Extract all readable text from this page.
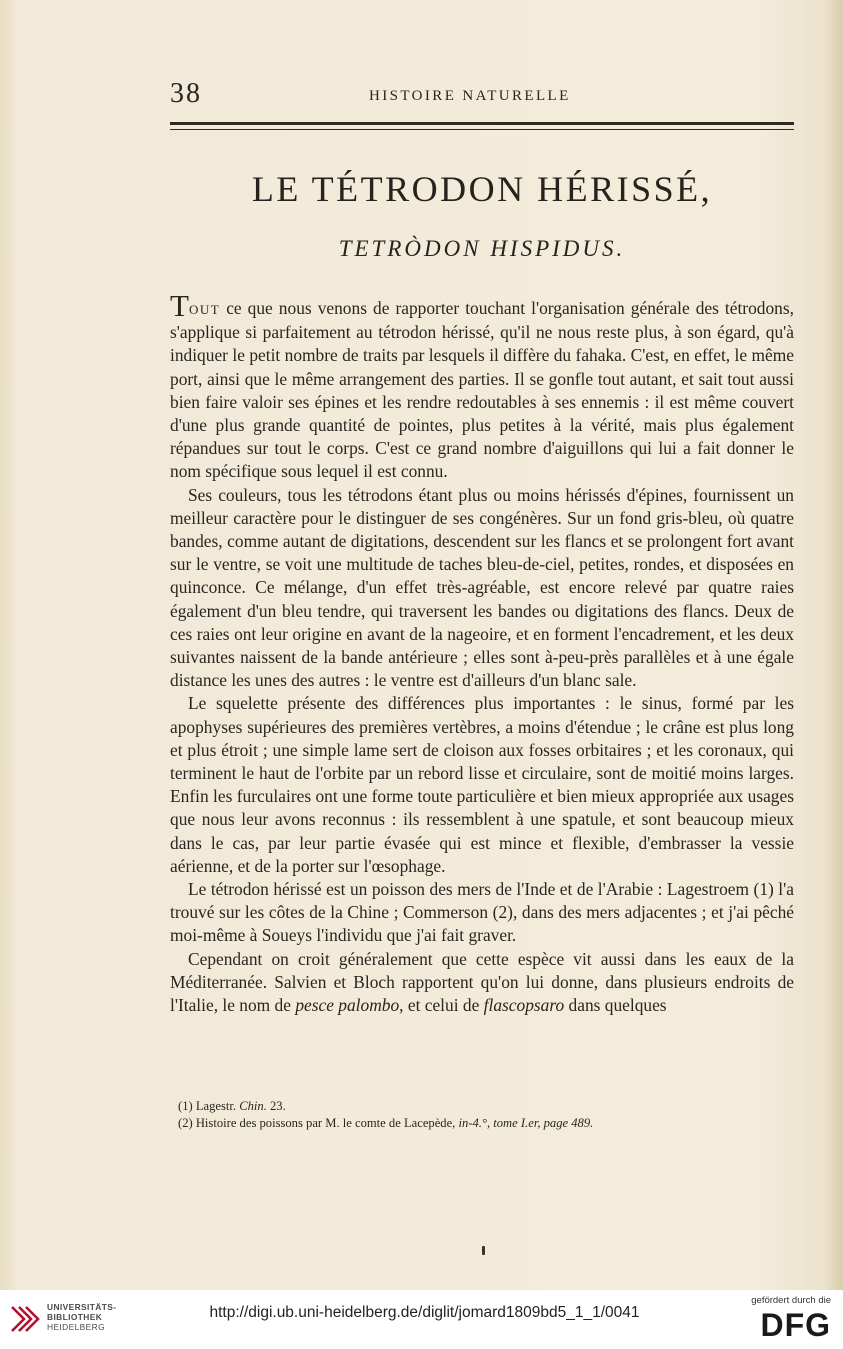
38	HISTOIRE NATURELLE
LE TÉTRODON HÉRISSÉ,
TETRÒDON HISPIDUS.

TOUT ce que nous venons de rapporter touchant l'organisation générale des tétrodons, s'applique si parfaitement au tétrodon hérissé, qu'il ne nous reste plus, à son égard, qu'à indiquer le petit nombre de traits par lesquels il diffère du fahaka. C'est, en effet, le même port, ainsi que le même arrangement des parties. Il se gonfle tout autant, et sait tout aussi bien faire valoir ses épines et les rendre redoutables à ses ennemis : il est même couvert d'une plus grande quantité de pointes, plus petites à la vérité, mais plus également répandues sur tout le corps. C'est ce grand nombre d'aiguillons qui lui a fait donner le nom spécifique sous lequel il est connu.

Ses couleurs, tous les tétrodons étant plus ou moins hérissés d'épines, fournissent un meilleur caractère pour le distinguer de ses congénères. Sur un fond gris-bleu, où quatre bandes, comme autant de digitations, descendent sur les flancs et se prolongent fort avant sur le ventre, se voit une multitude de taches bleu-de-ciel, petites, rondes, et disposées en quinconce. Ce mélange, d'un effet très-agréable, est encore relevé par quatre raies également d'un bleu tendre, qui traversent les bandes ou digitations des flancs. Deux de ces raies ont leur origine en avant de la nageoire, et en forment l'encadrement, et les deux suivantes naissent de la bande antérieure ; elles sont à-peu-près parallèles et à une égale distance les unes des autres : le ventre est d'ailleurs d'un blanc sale.

Le squelette présente des différences plus importantes : le sinus, formé par les apophyses supérieures des premières vertèbres, a moins d'étendue ; le crâne est plus long et plus étroit ; une simple lame sert de cloison aux fosses orbitaires ; et les coronaux, qui terminent le haut de l'orbite par un rebord lisse et circulaire, sont de moitié moins larges. Enfin les furculaires ont une forme toute particulière et bien mieux appropriée aux usages que nous leur avons reconnus : ils ressemblent à une spatule, et sont beaucoup mieux dans le cas, par leur partie évasée qui est mince et flexible, d'embrasser la vessie aérienne, et de la porter sur l'œsophage.

Le tétrodon hérissé est un poisson des mers de l'Inde et de l'Arabie : Lagestroem (1) l'a trouvé sur les côtes de la Chine ; Commerson (2), dans des mers adjacentes ; et j'ai pêché moi-même à Soueys l'individu que j'ai fait graver.

Cependant on croit généralement que cette espèce vit aussi dans les eaux de la Méditerranée. Salvien et Bloch rapportent qu'on lui donne, dans plusieurs endroits de l'Italie, le nom de pesce palombo, et celui de flascopsaro dans quelques

(1) Lagestr. Chin. 23.
(2) Histoire des poissons par M. le comte de Lacepède, in-4.°, tome I.er, page 489.
UNIVERSITÄTS-
BIBLIOTHEK
HEIDELBERG
http://digi.ub.uni-heidelberg.de/diglit/jomard1809bd5_1_1/0041
gefördert durch die
DFG
